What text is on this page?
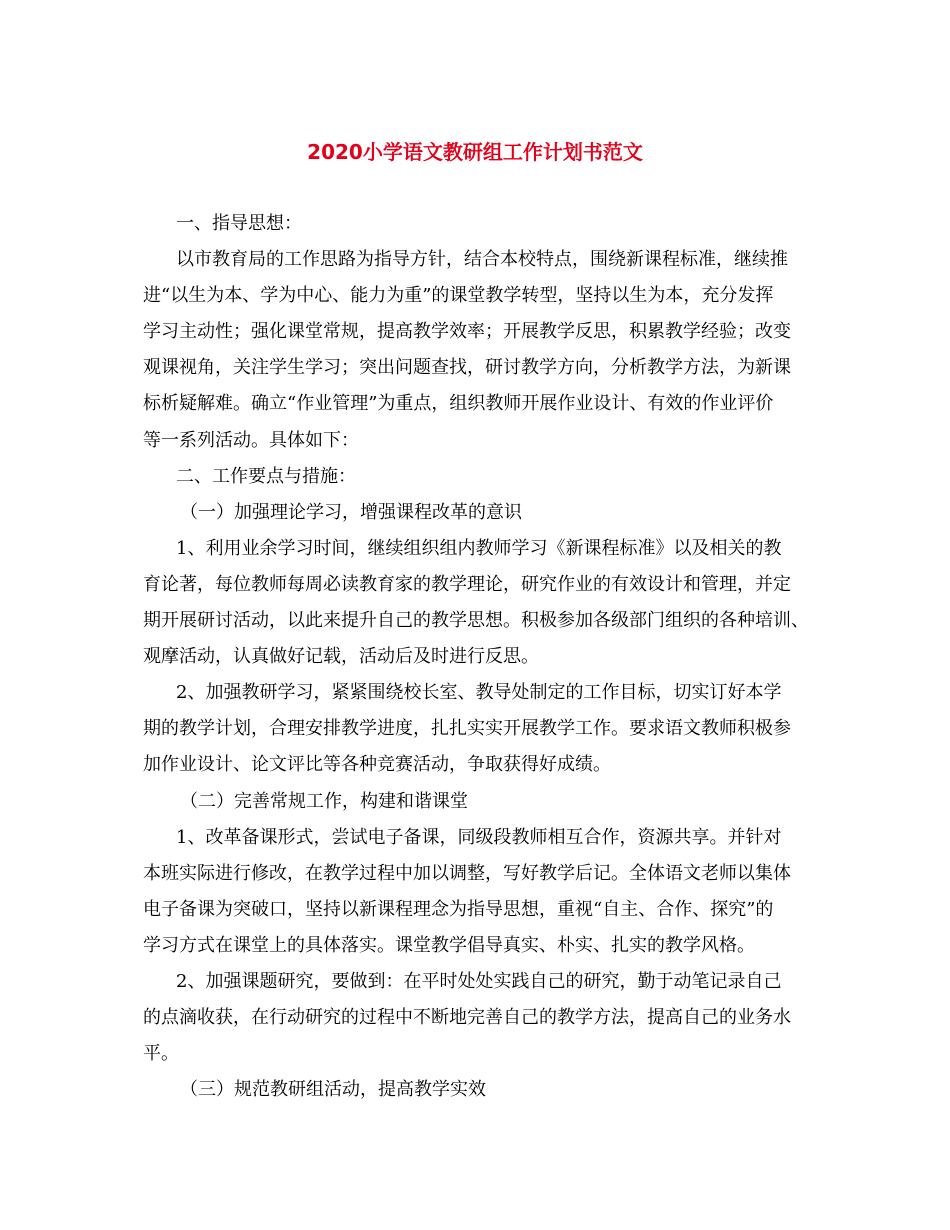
2020小学语文教研组工作计划书范文
一、指导思想：
以市教育局的工作思路为指导方针，结合本校特点，围绕新课程标准，继续推
进“以生为本、学为中心、能力为重”的课堂教学转型，坚持以生为本，充分发挥
学习主动性；强化课堂常规，提高教学效率；开展教学反思，积累教学经验；改变
观课视角，关注学生学习；突出问题查找，研讨教学方向，分析教学方法，为新课
标析疑解难。确立“作业管理”为重点，组织教师开展作业设计、有效的作业评价
等一系列活动。具体如下：
二、工作要点与措施：
（一）加强理论学习，增强课程改革的意识
1、利用业余学习时间，继续组织组内教师学习《新课程标准》以及相关的教
育论著，每位教师每周必读教育家的教学理论，研究作业的有效设计和管理，并定
期开展研讨活动，以此来提升自己的教学思想。积极参加各级部门组织的各种培训、
观摩活动，认真做好记载，活动后及时进行反思。
2、加强教研学习，紧紧围绕校长室、教导处制定的工作目标，切实订好本学
期的教学计划，合理安排教学进度，扎扎实实开展教学工作。要求语文教师积极参
加作业设计、论文评比等各种竞赛活动，争取获得好成绩。
（二）完善常规工作，构建和谐课堂
1、改革备课形式，尝试电子备课，同级段教师相互合作，资源共享。并针对
本班实际进行修改，在教学过程中加以调整，写好教学后记。全体语文老师以集体
电子备课为突破口，坚持以新课程理念为指导思想，重视“自主、合作、探究”的
学习方式在课堂上的具体落实。课堂教学倡导真实、朴实、扎实的教学风格。
2、加强课题研究，要做到：在平时处处实践自己的研究，勤于动笔记录自己
的点滴收获，在行动研究的过程中不断地完善自己的教学方法，提高自己的业务水
平。
（三）规范教研组活动，提高教学实效
